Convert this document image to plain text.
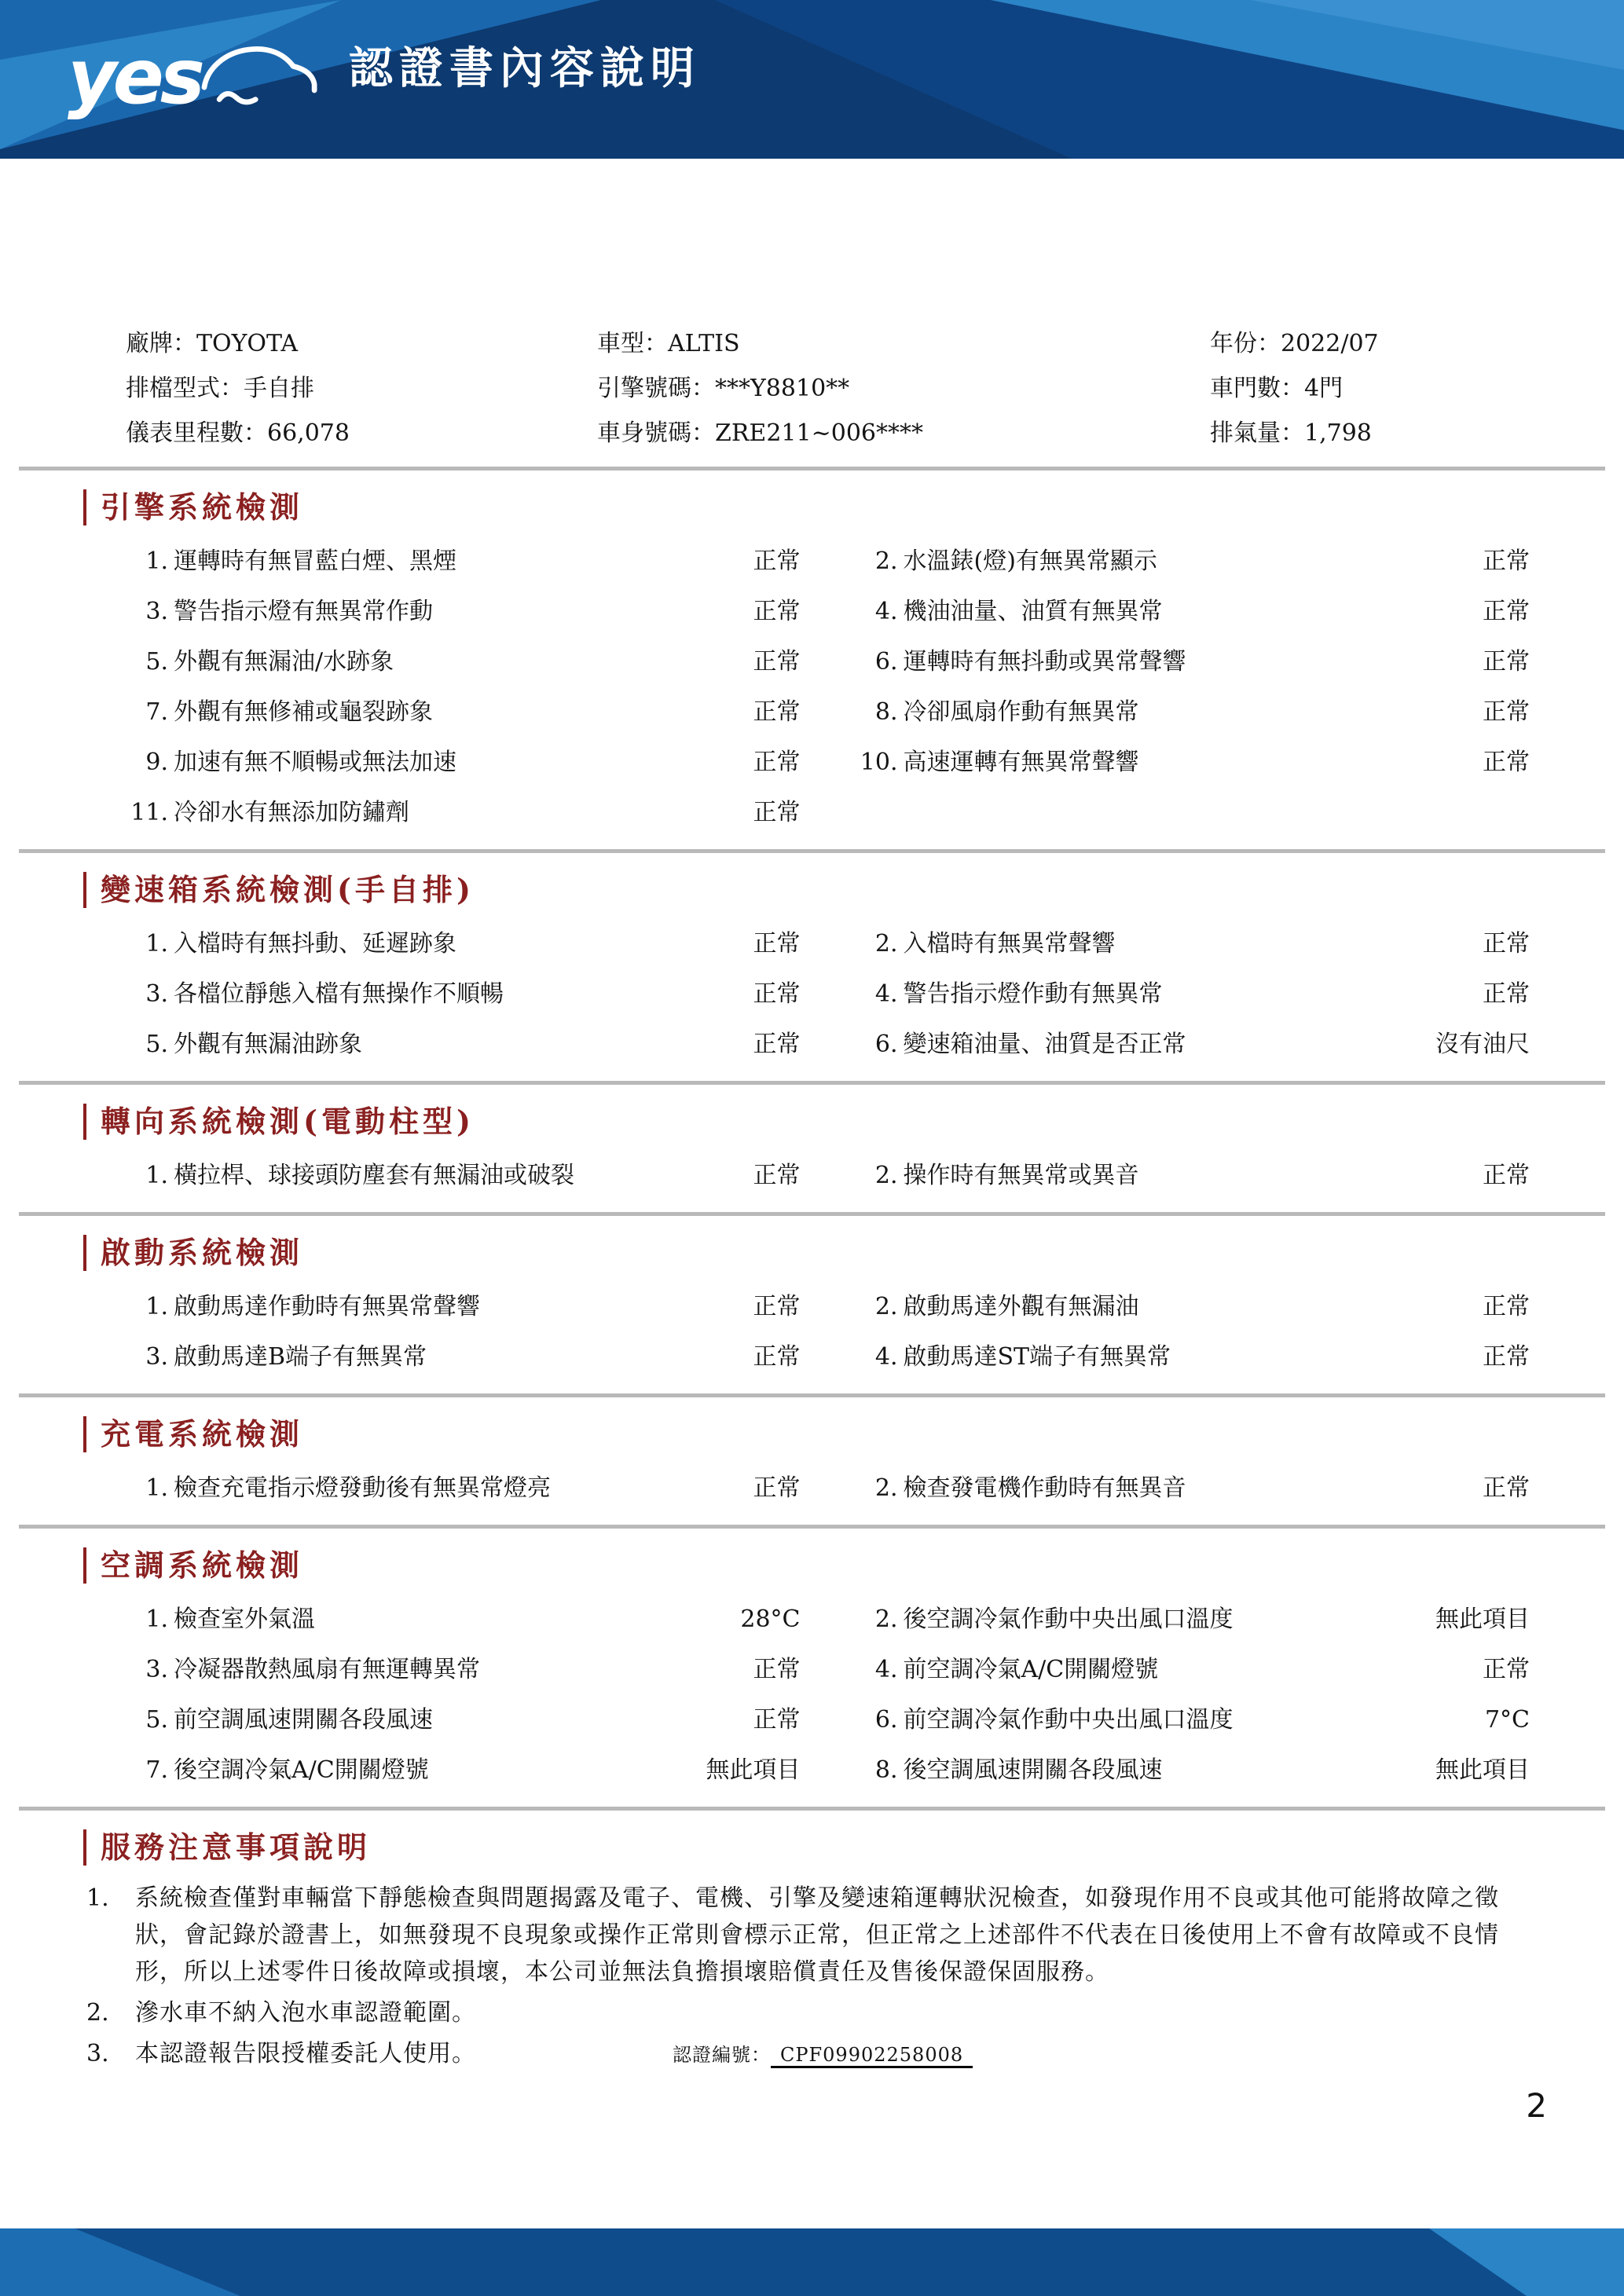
yes	認證書內容說明
廠牌：TOYOTA	車型：ALTIS	年份：2022/07
排檔型式：手自排	引擎號碼：***Y8810**	車門數：4門
儀表里程數：66,078	車身號碼：ZRE211~006****	排氣量：1,798
引擎系統檢測
1. 運轉時有無冒藍白煙、黑煙	正常	2. 水溫錶(燈)有無異常顯示	正常
3. 警告指示燈有無異常作動	正常	4. 機油油量、油質有無異常	正常
5. 外觀有無漏油/水跡象	正常	6. 運轉時有無抖動或異常聲響	正常
7. 外觀有無修補或龜裂跡象	正常	8. 冷卻風扇作動有無異常	正常
9. 加速有無不順暢或無法加速	正常	10. 高速運轉有無異常聲響	正常
11. 冷卻水有無添加防鏽劑	正常
變速箱系統檢測(手自排)
1. 入檔時有無抖動、延遲跡象	正常	2. 入檔時有無異常聲響	正常
3. 各檔位靜態入檔有無操作不順暢	正常	4. 警告指示燈作動有無異常	正常
5. 外觀有無漏油跡象	正常	6. 變速箱油量、油質是否正常	沒有油尺
轉向系統檢測(電動柱型)
1. 橫拉桿、球接頭防塵套有無漏油或破裂	正常	2. 操作時有無異常或異音	正常
啟動系統檢測
1. 啟動馬達作動時有無異常聲響	正常	2. 啟動馬達外觀有無漏油	正常
3. 啟動馬達B端子有無異常	正常	4. 啟動馬達ST端子有無異常	正常
充電系統檢測
1. 檢查充電指示燈發動後有無異常燈亮	正常	2. 檢查發電機作動時有無異音	正常
空調系統檢測
1. 檢查室外氣溫	28°C	2. 後空調冷氣作動中央出風口溫度	無此項目
3. 冷凝器散熱風扇有無運轉異常	正常	4. 前空調冷氣A/C開關燈號	正常
5. 前空調風速開關各段風速	正常	6. 前空調冷氣作動中央出風口溫度	7°C
7. 後空調冷氣A/C開關燈號	無此項目	8. 後空調風速開關各段風速	無此項目
服務注意事項說明
1.	系統檢查僅對車輛當下靜態檢查與問題揭露及電子、電機、引擎及變速箱運轉狀況檢查，如發現作用不良或其他可能將故障之徵狀，會記錄於證書上，如無發現不良現象或操作正常則會標示正常，但正常之上述部件不代表在日後使用上不會有故障或不良情形，所以上述零件日後故障或損壞，本公司並無法負擔損壞賠償責任及售後保證保固服務。
2.	滲水車不納入泡水車認證範圍。
3.	本認證報告限授權委託人使用。	認證編號： CPF09902258008
2
